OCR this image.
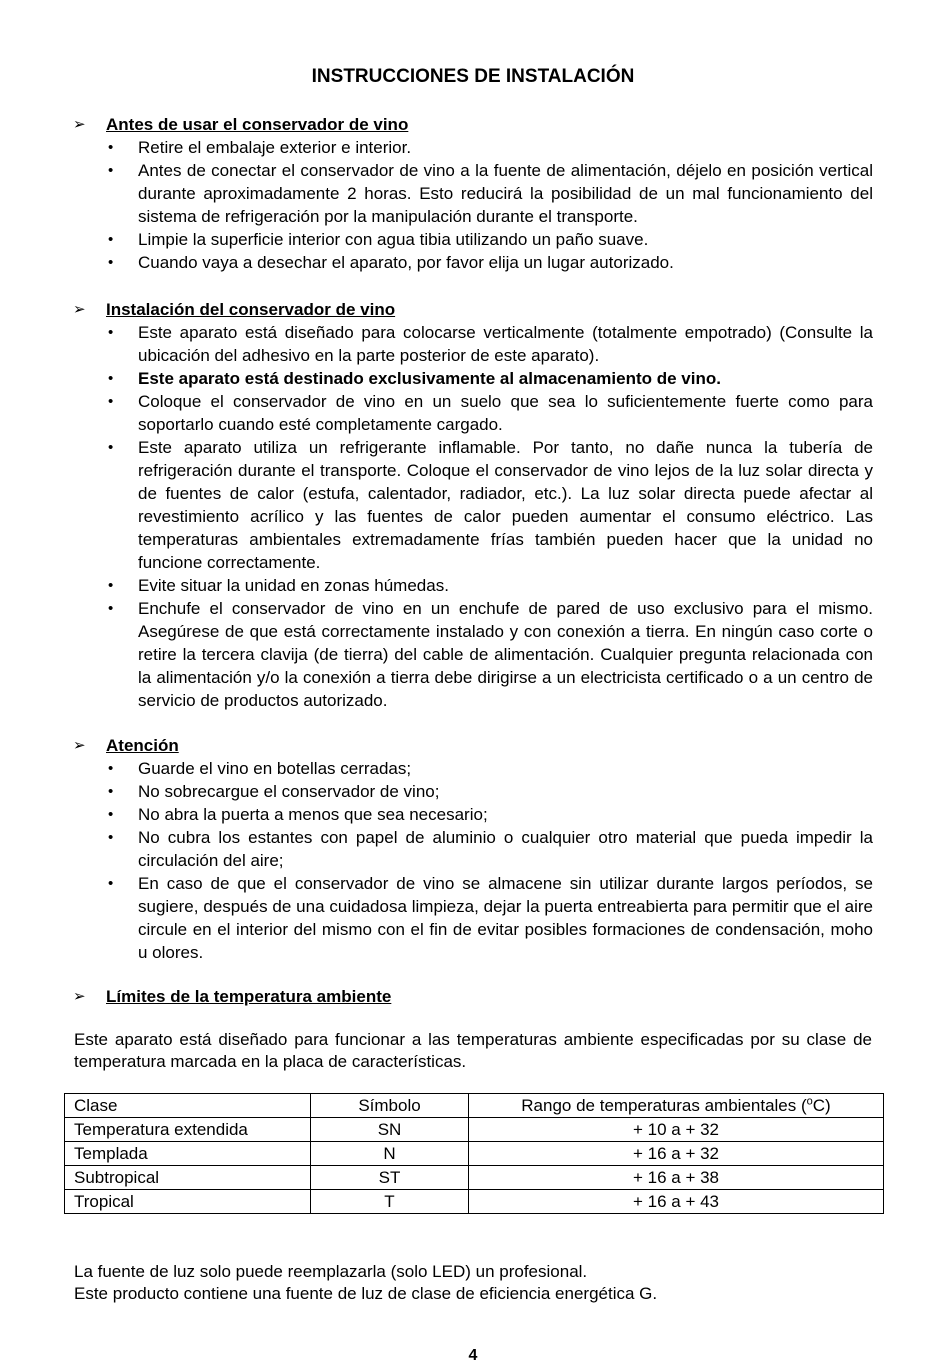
INSTRUCCIONES DE INSTALACIÓN
➢ Antes de usar el conservador de vino
• Retire el embalaje exterior e interior.
• Antes de conectar el conservador de vino a la fuente de alimentación, déjelo en posición vertical durante aproximadamente 2 horas. Esto reducirá la posibilidad de un mal funcionamiento del sistema de refrigeración por la manipulación durante el transporte.
• Limpie la superficie interior con agua tibia utilizando un paño suave.
• Cuando vaya a desechar el aparato, por favor elija un lugar autorizado.
➢ Instalación del conservador de vino
• Este aparato está diseñado para colocarse verticalmente (totalmente empotrado) (Consulte la ubicación del adhesivo en la parte posterior de este aparato).
• Este aparato está destinado exclusivamente al almacenamiento de vino.
• Coloque el conservador de vino en un suelo que sea lo suficientemente fuerte como para soportarlo cuando esté completamente cargado.
• Este aparato utiliza un refrigerante inflamable. Por tanto, no dañe nunca la tubería de refrigeración durante el transporte. Coloque el conservador de vino lejos de la luz solar directa y de fuentes de calor (estufa, calentador, radiador, etc.). La luz solar directa puede afectar al revestimiento acrílico y las fuentes de calor pueden aumentar el consumo eléctrico. Las temperaturas ambientales extremadamente frías también pueden hacer que la unidad no funcione correctamente.
• Evite situar la unidad en zonas húmedas.
• Enchufe el conservador de vino en un enchufe de pared de uso exclusivo para el mismo. Asegúrese de que está correctamente instalado y con conexión a tierra. En ningún caso corte o retire la tercera clavija (de tierra) del cable de alimentación. Cualquier pregunta relacionada con la alimentación y/o la conexión a tierra debe dirigirse a un electricista certificado o a un centro de servicio de productos autorizado.
➢ Atención
• Guarde el vino en botellas cerradas;
• No sobrecargue el conservador de vino;
• No abra la puerta a menos que sea necesario;
• No cubra los estantes con papel de aluminio o cualquier otro material que pueda impedir la circulación del aire;
• En caso de que el conservador de vino se almacene sin utilizar durante largos períodos, se sugiere, después de una cuidadosa limpieza, dejar la puerta entreabierta para permitir que el aire circule en el interior del mismo con el fin de evitar posibles formaciones de condensación, moho u olores.
➢ Límites de la temperatura ambiente
Este aparato está diseñado para funcionar a las temperaturas ambiente especificadas por su clase de temperatura marcada en la placa de características.
Clase	Símbolo	Rango de temperaturas ambientales ($^o$C)
Temperatura extendida	SN	+ 10 a + 32
Templada	N	+ 16 a + 32
Subtropical	ST	+ 16 a + 38
Tropical	T	+ 16 a + 43
La fuente de luz solo puede reemplazarla (solo LED) un profesional.
Este producto contiene una fuente de luz de clase de eficiencia energética G.
4
